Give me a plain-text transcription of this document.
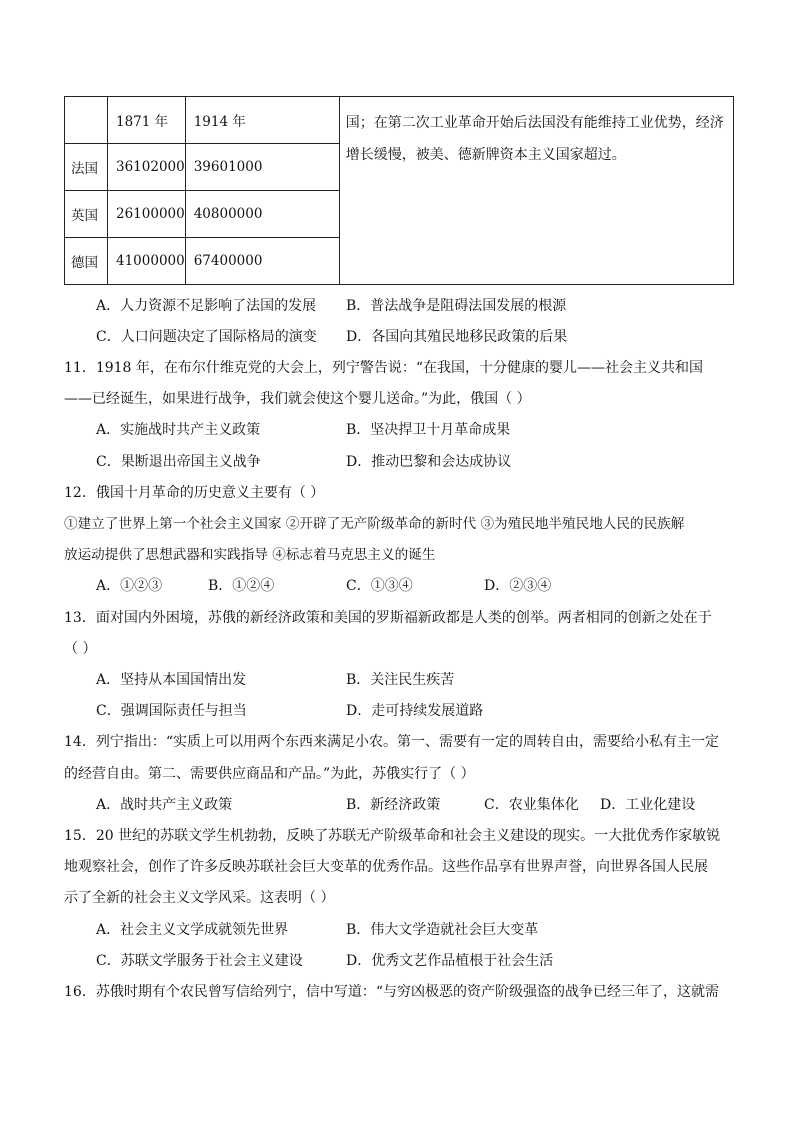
	1871 年	1914 年	国；在第二次工业革命开始后法国没有能维持工业优势，经济增长缓慢，被美、德新牌资本主义国家超过。
法国	36102000	39601000	
英国	26100000	40800000	
德国	41000000	67400000	
A．人力资源不足影响了法国的发展 B．普法战争是阻碍法国发展的根源
C．人口问题决定了国际格局的演变 D．各国向其殖民地移民政策的后果
11．1918 年，在布尔什维克党的大会上，列宁警告说：“在我国，十分健康的婴儿——社会主义共和国
——已经诞生，如果进行战争，我们就会使这个婴儿送命。”为此，俄国（ ）
A．实施战时共产主义政策	B．坚决捍卫十月革命成果
C．果断退出帝国主义战争	D．推动巴黎和会达成协议
12．俄国十月革命的历史意义主要有（ ）
①建立了世界上第一个社会主义国家 ②开辟了无产阶级革命的新时代 ③为殖民地半殖民地人民的民族解
放运动提供了思想武器和实践指导 ④标志着马克思主义的诞生
A．①②③	B．①②④	C．①③④	D．②③④
13．面对国内外困境，苏俄的新经济政策和美国的罗斯福新政都是人类的创举。两者相同的创新之处在于
（ ）
A．坚持从本国国情出发	B．关注民生疾苦
C．强调国际责任与担当	D．走可持续发展道路
14．列宁指出：“实质上可以用两个东西来满足小农。第一、需要有一定的周转自由，需要给小私有主一定
的经营自由。第二、需要供应商品和产品。”为此，苏俄实行了（ ）
A．战时共产主义政策	B．新经济政策	C．农业集体化 D．工业化建设
15．20 世纪的苏联文学生机勃勃，反映了苏联无产阶级革命和社会主义建设的现实。一大批优秀作家敏锐
地观察社会，创作了许多反映苏联社会巨大变革的优秀作品。这些作品享有世界声誉，向世界各国人民展
示了全新的社会主义文学风采。这表明（ ）
A．社会主义文学成就领先世界	B．伟大文学造就社会巨大变革
C．苏联文学服务于社会主义建设	D．优秀文艺作品植根于社会生活
16．苏俄时期有个农民曾写信给列宁，信中写道：“与穷凶极恶的资产阶级强盗的战争已经三年了，这就需
